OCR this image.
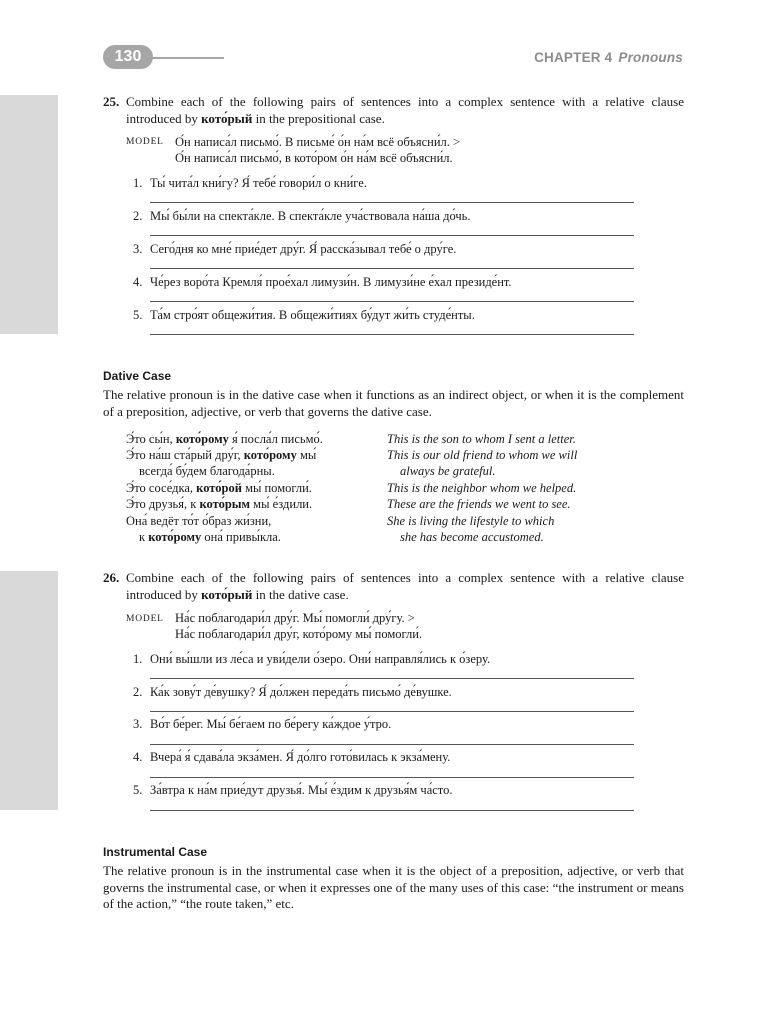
130	CHAPTER 4 Pronouns
25. Combine each of the following pairs of sentences into a complex sentence with a relative clause introduced by кото́рый in the prepositional case.
MODEL О́н написа́л письмо́. В письме́ о́н на́м всё объясни́л. >
О́н написа́л письмо́, в кото́ром о́н на́м всё объясни́л.
1. Ты́ чита́л кни́гу? Я́ тебе́ говори́л о кни́ге.
2. Мы́ бы́ли на спекта́кле. В спекта́кле уча́ствовала на́ша до́чь.
3. Сего́дня ко мне́ прие́дет дру́г. Я́ расска́зывал тебе́ о дру́ге.
4. Че́рез воро́та Кремля́ прое́хал лимузи́н. В лимузи́не е́хал президе́нт.
5. Та́м стро́ят общежи́тия. В общежи́тиях бу́дут жи́ть студе́нты.
Dative Case
The relative pronoun is in the dative case when it functions as an indirect object, or when it is the complement of a preposition, adjective, or verb that governs the dative case.
Э́то сы́н, кото́рому я́ посла́л письмо́.	This is the son to whom I sent a letter.
Э́то на́ш ста́рый дру́г, кото́рому мы́	This is our old friend to whom we will
всегда́ бу́дем благода́рны.	always be grateful.
Э́то сосе́дка, кото́рой мы́ помогли́.	This is the neighbor whom we helped.
Э́то друзья́, к кото́рым мы́ е́здили.	These are the friends we went to see.
Она́ ведёт то́т о́браз жи́зни,	She is living the lifestyle to which
к кото́рому она́ привы́кла.	she has become accustomed.
26. Combine each of the following pairs of sentences into a complex sentence with a relative clause introduced by кото́рый in the dative case.
MODEL На́с поблагодари́л дру́г. Мы́ помогли́ дру́гу. >
На́с поблагодари́л дру́г, кото́рому мы́ помогли́.
1. Они́ вы́шли из ле́са и уви́дели о́зеро. Они́ направля́лись к о́зеру.
2. Ка́к зову́т де́вушку? Я́ до́лжен переда́ть письмо́ де́вушке.
3. Во́т бе́рег. Мы́ бе́гаем по бе́регу ка́ждое у́тро.
4. Вчера́ я́ сдава́ла экза́мен. Я́ до́лго гото́вилась к экза́мену.
5. За́втра к на́м прие́дут друзья́. Мы́ е́здим к друзья́м ча́сто.
Instrumental Case
The relative pronoun is in the instrumental case when it is the object of a preposition, adjective, or verb that governs the instrumental case, or when it expresses one of the many uses of this case: “the instrument or means of the action,” “the route taken,” etc.
